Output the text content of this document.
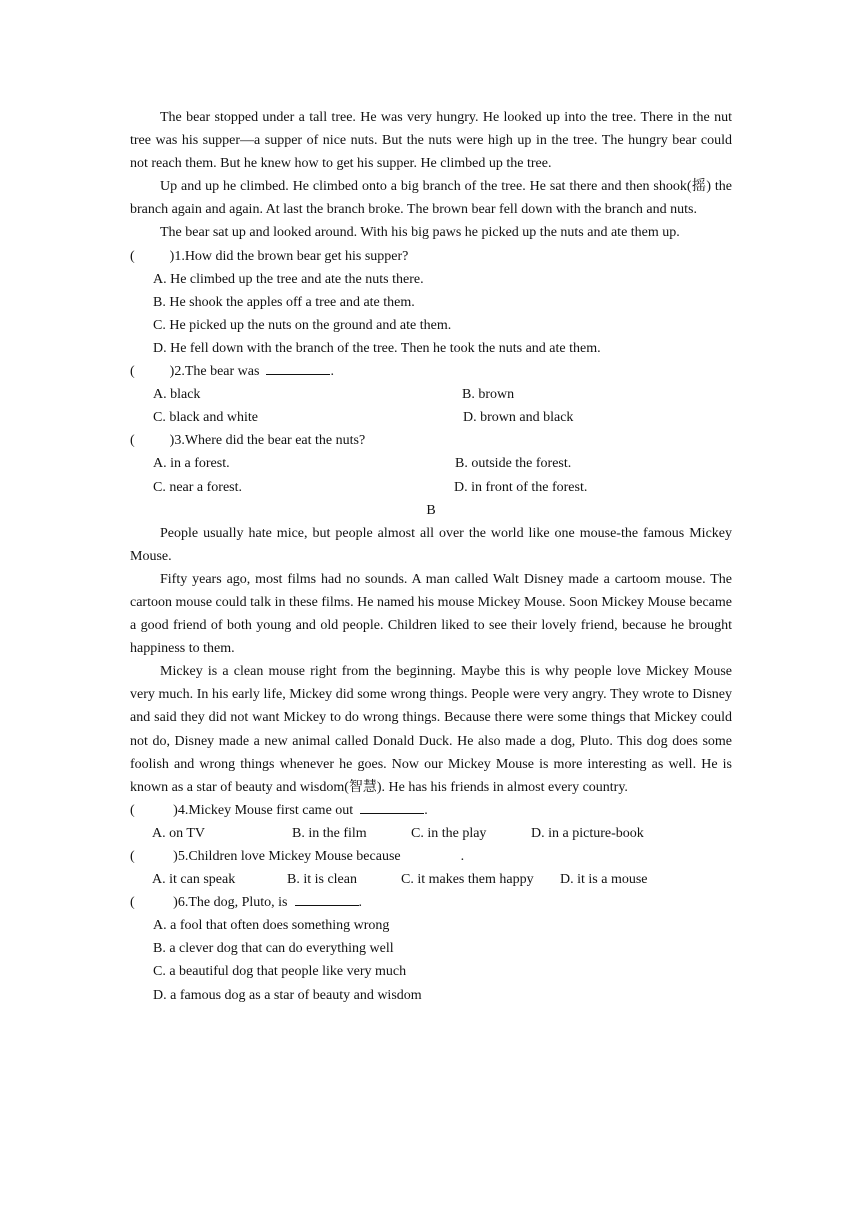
The bear stopped under a tall tree. He was very hungry. He looked up into the tree. There in the nut tree was his supper—a supper of nice nuts. But the nuts were high up in the tree. The hungry bear could not reach them. But he knew how to get his supper. He climbed up the tree.

Up and up he climbed. He climbed onto a big branch of the tree. He sat there and then shook(摇) the branch again and again. At last the branch broke. The brown bear fell down with the branch and nuts.

The bear sat up and looked around. With his big paws he picked up the nuts and ate them up.

(          )1.How did the brown bear get his supper?

A. He climbed up the tree and ate the nuts there.

B. He shook the apples off a tree and ate them.

C. He picked up the nuts on the ground and ate them.

D. He fell down with the branch of the tree. Then he took the nuts and ate them.

(          )2.The bear was	.

A. black	B. brown
C. black and white	D. brown and black

(          )3.Where did the bear eat the nuts?

A. in a forest.	B. outside the forest.
C. near a forest.	D. in front of the forest.

B

People usually hate mice, but people almost all over the world like one mouse-the famous Mickey Mouse.

Fifty years ago, most films had no sounds. A man called Walt Disney made a cartoom mouse. The cartoon mouse could talk in these films. He named his mouse Mickey Mouse. Soon Mickey Mouse became a good friend of both young and old people. Children liked to see their lovely friend, because he brought happiness to them.

Mickey is a clean mouse right from the beginning. Maybe this is why people love Mickey Mouse very much. In his early life, Mickey did some wrong things. People were very angry. They wrote to Disney and said they did not want Mickey to do wrong things. Because there were some things that Mickey could not do, Disney made a new animal called Donald Duck. He also made a dog, Pluto. This dog does some foolish and wrong things whenever he goes. Now our Mickey Mouse is more interesting as well. He is known as a star of beauty and wisdom(智慧). He has his friends in almost every country.

(           )4.Mickey Mouse first came out	.

A. on TV	B. in the film	C. in the play	D. in a picture-book

(           )5.Children love Mickey Mouse because	.

A. it can speak	B. it is clean	C. it makes them happy D. it is a mouse

(           )6.The dog, Pluto, is	.

A. a fool that often does something wrong

B. a clever dog that can do everything well

C. a beautiful dog that people like very much

D. a famous dog as a star of beauty and wisdom
